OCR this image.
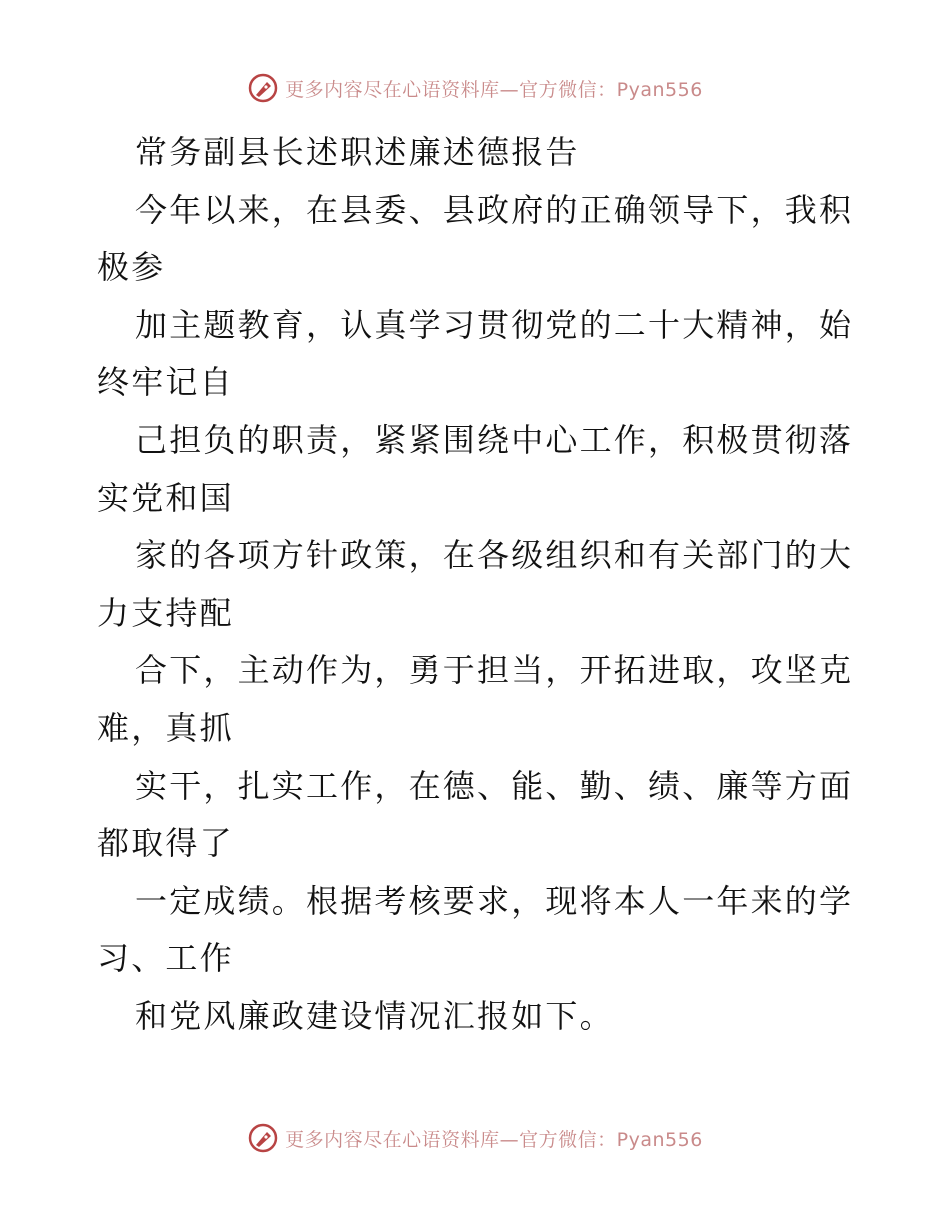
更多内容尽在心语资料库—官方微信：Pyan556
常务副县长述职述廉述德报告
今年以来，在县委、县政府的正确领导下，我积
极参
加主题教育，认真学习贯彻党的二十大精神，始
终牢记自
己担负的职责，紧紧围绕中心工作，积极贯彻落
实党和国
家的各项方针政策，在各级组织和有关部门的大
力支持配
合下，主动作为，勇于担当，开拓进取，攻坚克
难，真抓
实干，扎实工作，在德、能、勤、绩、廉等方面
都取得了
一定成绩。根据考核要求，现将本人一年来的学
习、工作
和党风廉政建设情况汇报如下。
更多内容尽在心语资料库—官方微信：Pyan556
